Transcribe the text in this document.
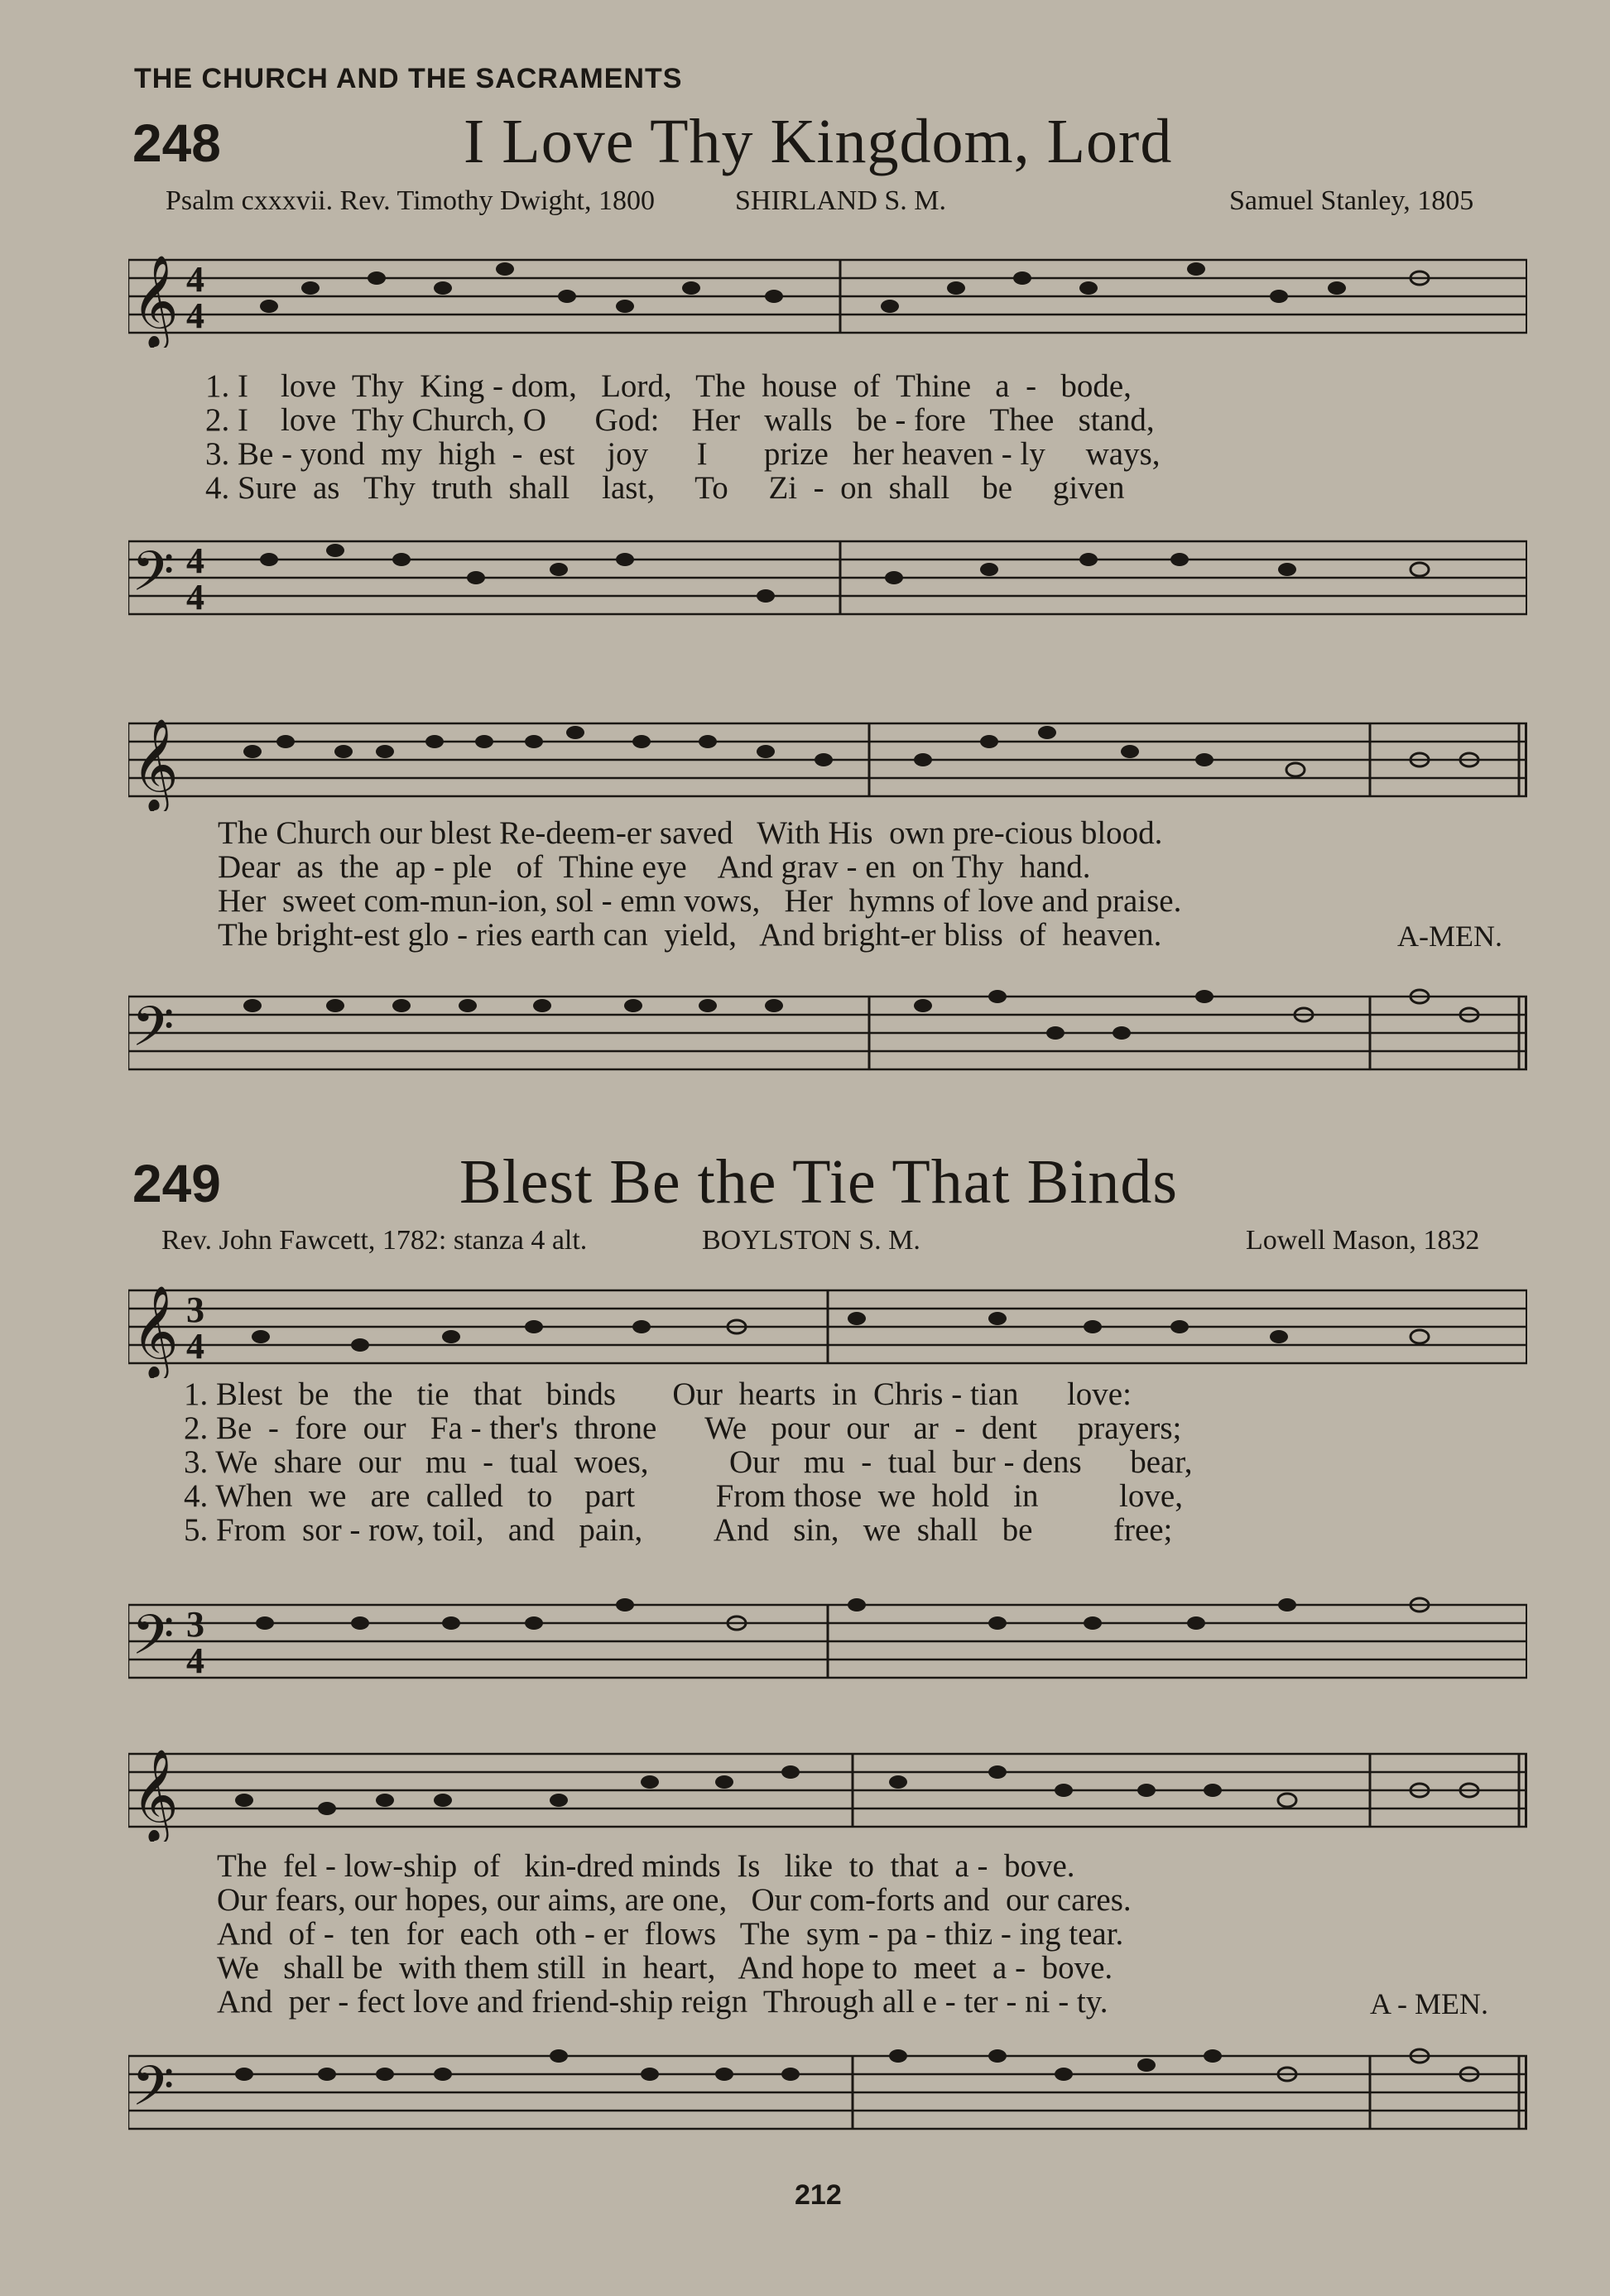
THE CHURCH AND THE SACRAMENTS
248	I Love Thy Kingdom, Lord
Psalm cxxxvii. Rev. Timothy Dwight, 1800	SHIRLAND S. M.	Samuel Stanley, 1805
𝄞 4
4
1. I    love  Thy  King - dom,   Lord,   The  house  of  Thine   a  -   bode,
2. I    love  Thy Church, O      God:    Her   walls   be - fore   Thee   stand,
3. Be - yond  my  high  -  est    joy      I       prize   her heaven - ly     ways,
4. Sure  as   Thy  truth  shall    last,     To     Zi  -  on  shall    be     given
𝄢 4
4
𝄞
The Church our blest Re-deem-er saved   With His  own pre-cious blood.
Dear  as  the  ap - ple   of  Thine eye    And grav - en  on Thy  hand.
Her  sweet com-mun-ion, sol - emn vows,   Her  hymns of love and praise.
The bright-est glo - ries earth can  yield,   And bright-er bliss  of  heaven.	A-MEN.
𝄢
249	Blest Be the Tie That Binds
Rev. John Fawcett, 1782: stanza 4 alt.	BOYLSTON S. M.	Lowell Mason, 1832
𝄞 3
4
1. Blest  be   the   tie   that   binds       Our  hearts  in  Chris - tian      love:
2. Be  -  fore  our   Fa - ther's  throne      We   pour  our   ar  -  dent     prayers;
3. We  share  our   mu  -  tual  woes,          Our   mu  -  tual  bur - dens      bear,
4. When  we   are  called   to    part          From those  we  hold   in          love,
5. From  sor - row, toil,   and   pain,         And   sin,   we  shall   be          free;
𝄢 3
4
𝄞
The  fel - low-ship  of   kin-dred minds  Is   like  to  that  a -  bove.
Our fears, our hopes, our aims, are one,   Our com-forts and  our cares.
And  of -  ten  for  each  oth - er  flows   The  sym - pa - thiz - ing tear.
We   shall be  with them still  in  heart,   And hope to  meet  a -  bove.
And  per - fect love and friend-ship reign  Through all e - ter - ni - ty.	A - MEN.
𝄢
212
